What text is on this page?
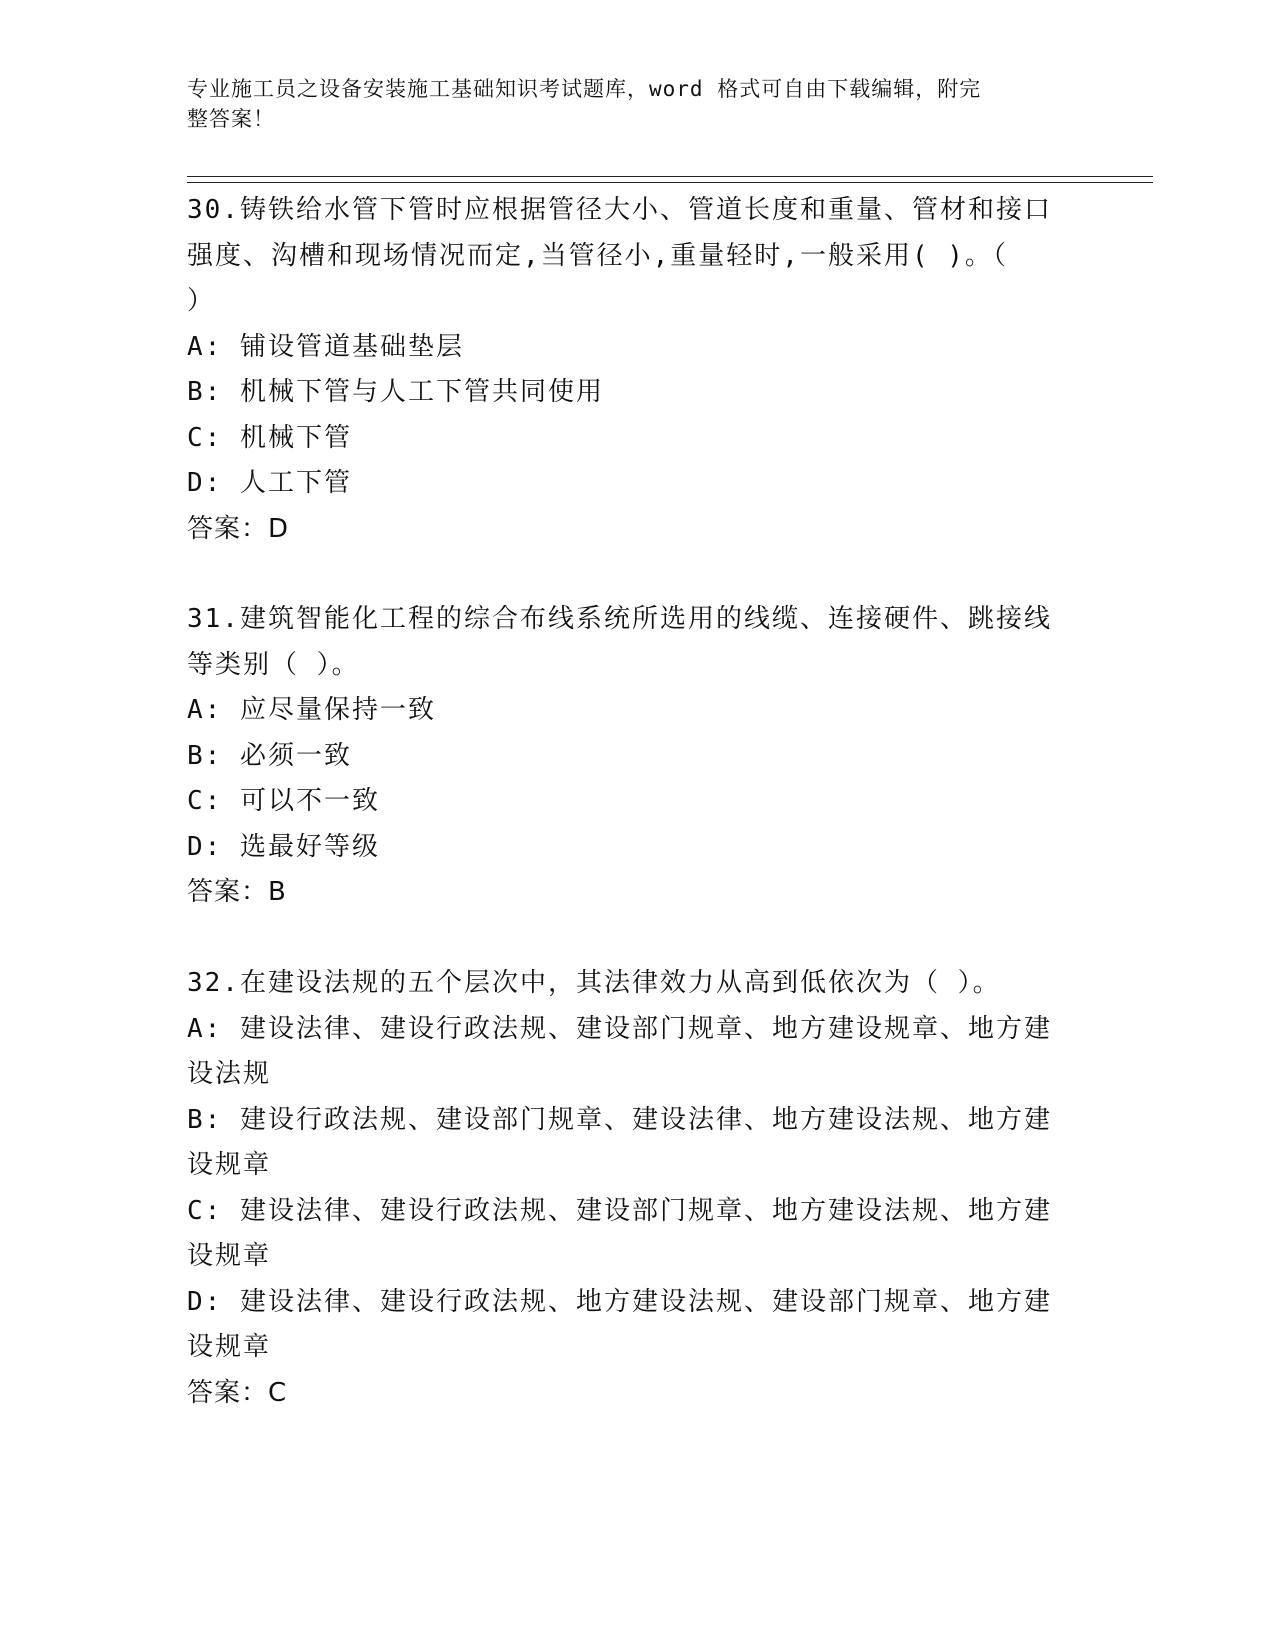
专业施工员之设备安装施工基础知识考试题库，word 格式可自由下载编辑，附完
整答案！
30.铸铁给水管下管时应根据管径大小、管道长度和重量、管材和接口
强度、沟槽和现场情况而定,当管径小,重量轻时,一般采用( )。（
）
A: 铺设管道基础垫层
B: 机械下管与人工下管共同使用
C: 机械下管
D: 人工下管
答案：D
31.建筑智能化工程的综合布线系统所选用的线缆、连接硬件、跳接线
等类别（ ）。
A: 应尽量保持一致
B: 必须一致
C: 可以不一致
D: 选最好等级
答案：B
32.在建设法规的五个层次中，其法律效力从高到低依次为（ ）。
A: 建设法律、建设行政法规、建设部门规章、地方建设规章、地方建
设法规
B: 建设行政法规、建设部门规章、建设法律、地方建设法规、地方建
设规章
C: 建设法律、建设行政法规、建设部门规章、地方建设法规、地方建
设规章
D: 建设法律、建设行政法规、地方建设法规、建设部门规章、地方建
设规章
答案：C
